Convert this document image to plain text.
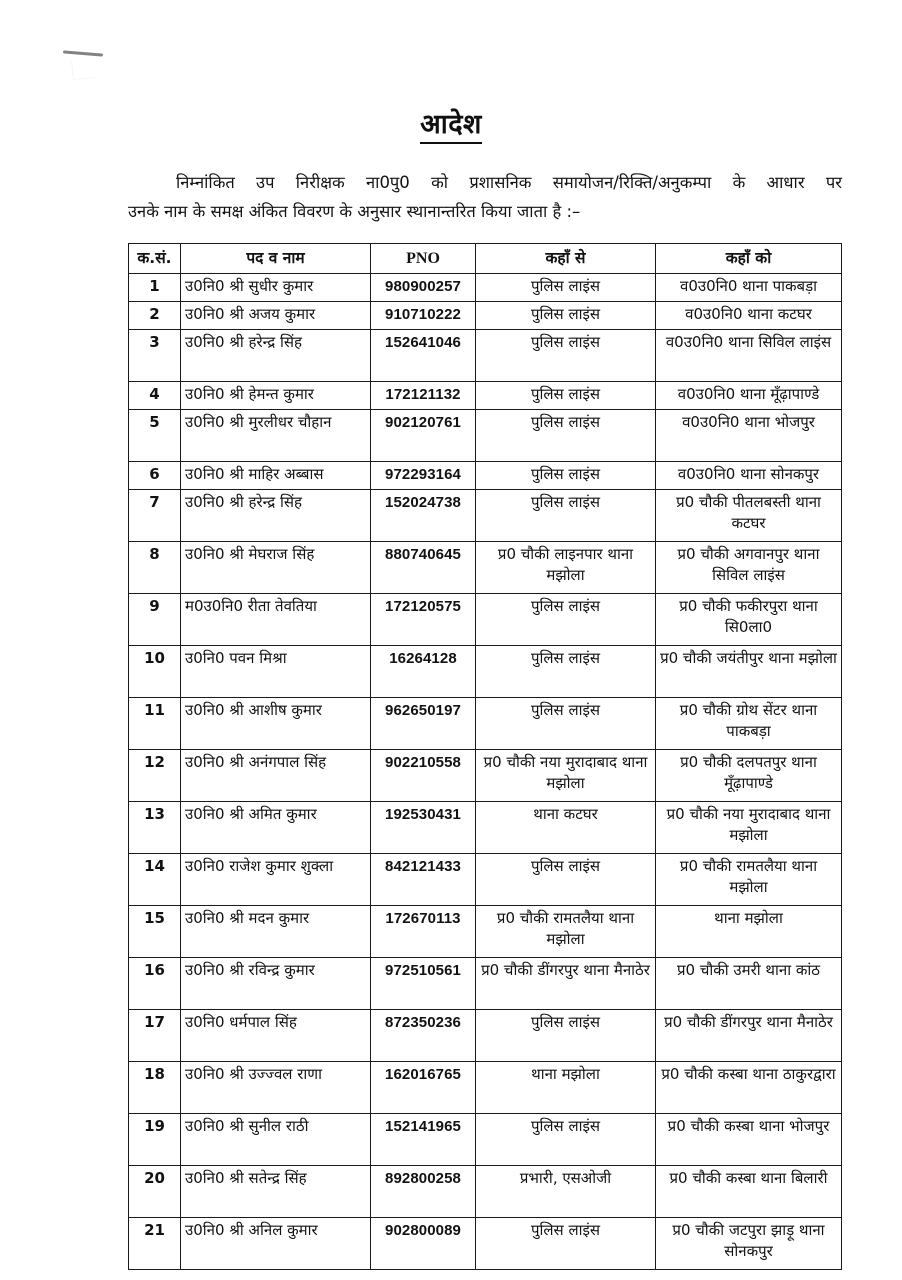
आदेश
निम्नांकित उप निरीक्षक ना0पु0 को प्रशासनिक समायोजन/रिक्ति/अनुकम्पा के आधार पर
उनके नाम के समक्ष अंकित विवरण के अनुसार स्थानान्तरित किया जाता है :–
क.सं.	पद व नाम	PNO	कहाँ से	कहाँ को
1	उ0नि0 श्री सुधीर कुमार	980900257	पुलिस लाइंस	व0उ0नि0 थाना पाकबड़ा
2	उ0नि0 श्री अजय कुमार	910710222	पुलिस लाइंस	व0उ0नि0 थाना कटघर
3	उ0नि0 श्री हरेन्द्र सिंह	152641046	पुलिस लाइंस	व0उ0नि0 थाना सिविल लाइंस
4	उ0नि0 श्री हेमन्त कुमार	172121132	पुलिस लाइंस	व0उ0नि0 थाना मूँढ़ापाण्डे
5	उ0नि0 श्री मुरलीधर चौहान	902120761	पुलिस लाइंस	व0उ0नि0 थाना भोजपुर
6	उ0नि0 श्री माहिर अब्बास	972293164	पुलिस लाइंस	व0उ0नि0 थाना सोनकपुर
7	उ0नि0 श्री हरेन्द्र सिंह	152024738	पुलिस लाइंस	प्र0 चौकी पीतलबस्ती थाना कटघर
8	उ0नि0 श्री मेघराज सिंह	880740645	प्र0 चौकी लाइनपार थाना मझोला	प्र0 चौकी अगवानपुर थाना सिविल लाइंस
9	म0उ0नि0 रीता तेवतिया	172120575	पुलिस लाइंस	प्र0 चौकी फकीरपुरा थाना सि0ला0
10	उ0नि0 पवन मिश्रा	16264128	पुलिस लाइंस	प्र0 चौकी जयंतीपुर थाना मझोला
11	उ0नि0 श्री आशीष कुमार	962650197	पुलिस लाइंस	प्र0 चौकी ग्रोथ सेंटर थाना पाकबड़ा
12	उ0नि0 श्री अनंगपाल सिंह	902210558	प्र0 चौकी नया मुरादाबाद थाना मझोला	प्र0 चौकी दलपतपुर थाना मूँढ़ापाण्डे
13	उ0नि0 श्री अमित कुमार	192530431	थाना कटघर	प्र0 चौकी नया मुरादाबाद थाना मझोला
14	उ0नि0 राजेश कुमार शुक्ला	842121433	पुलिस लाइंस	प्र0 चौकी रामतलैया थाना मझोला
15	उ0नि0 श्री मदन कुमार	172670113	प्र0 चौकी रामतलैया थाना मझोला	थाना मझोला
16	उ0नि0 श्री रविन्द्र कुमार	972510561	प्र0 चौकी डींगरपुर थाना मैनाठेर	प्र0 चौकी उमरी थाना कांठ
17	उ0नि0 धर्मपाल सिंह	872350236	पुलिस लाइंस	प्र0 चौकी डींगरपुर थाना मैनाठेर
18	उ0नि0 श्री उज्ज्वल राणा	162016765	थाना मझोला	प्र0 चौकी कस्बा थाना ठाकुरद्वारा
19	उ0नि0 श्री सुनील राठी	152141965	पुलिस लाइंस	प्र0 चौकी कस्बा थाना भोजपुर
20	उ0नि0 श्री सतेन्द्र सिंह	892800258	प्रभारी, एसओजी	प्र0 चौकी कस्बा थाना बिलारी
21	उ0नि0 श्री अनिल कुमार	902800089	पुलिस लाइंस	प्र0 चौकी जटपुरा झाड़ू थाना सोनकपुर
